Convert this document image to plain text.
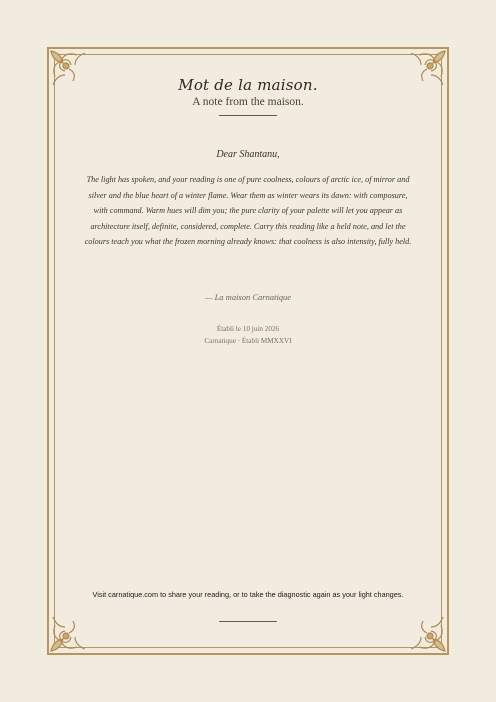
Mot de la maison.
A note from the maison.
Dear Shantanu,
The light has spoken, and your reading is one of pure coolness, colours of arctic ice, of mirror and silver and the blue heart of a winter flame. Wear them as winter wears its dawn: with composure, with command. Warm hues will dim you; the pure clarity of your palette will let you appear as architecture itself, definite, considered, complete. Carry this reading like a held note, and let the colours teach you what the frozen morning already knows: that coolness is also intensity, fully held.
— La maison Carnatique
Établi le 10 juin 2026
Carnatique · Établi MMXXVI
Visit carnatique.com to share your reading, or to take the diagnostic again as your light changes.
